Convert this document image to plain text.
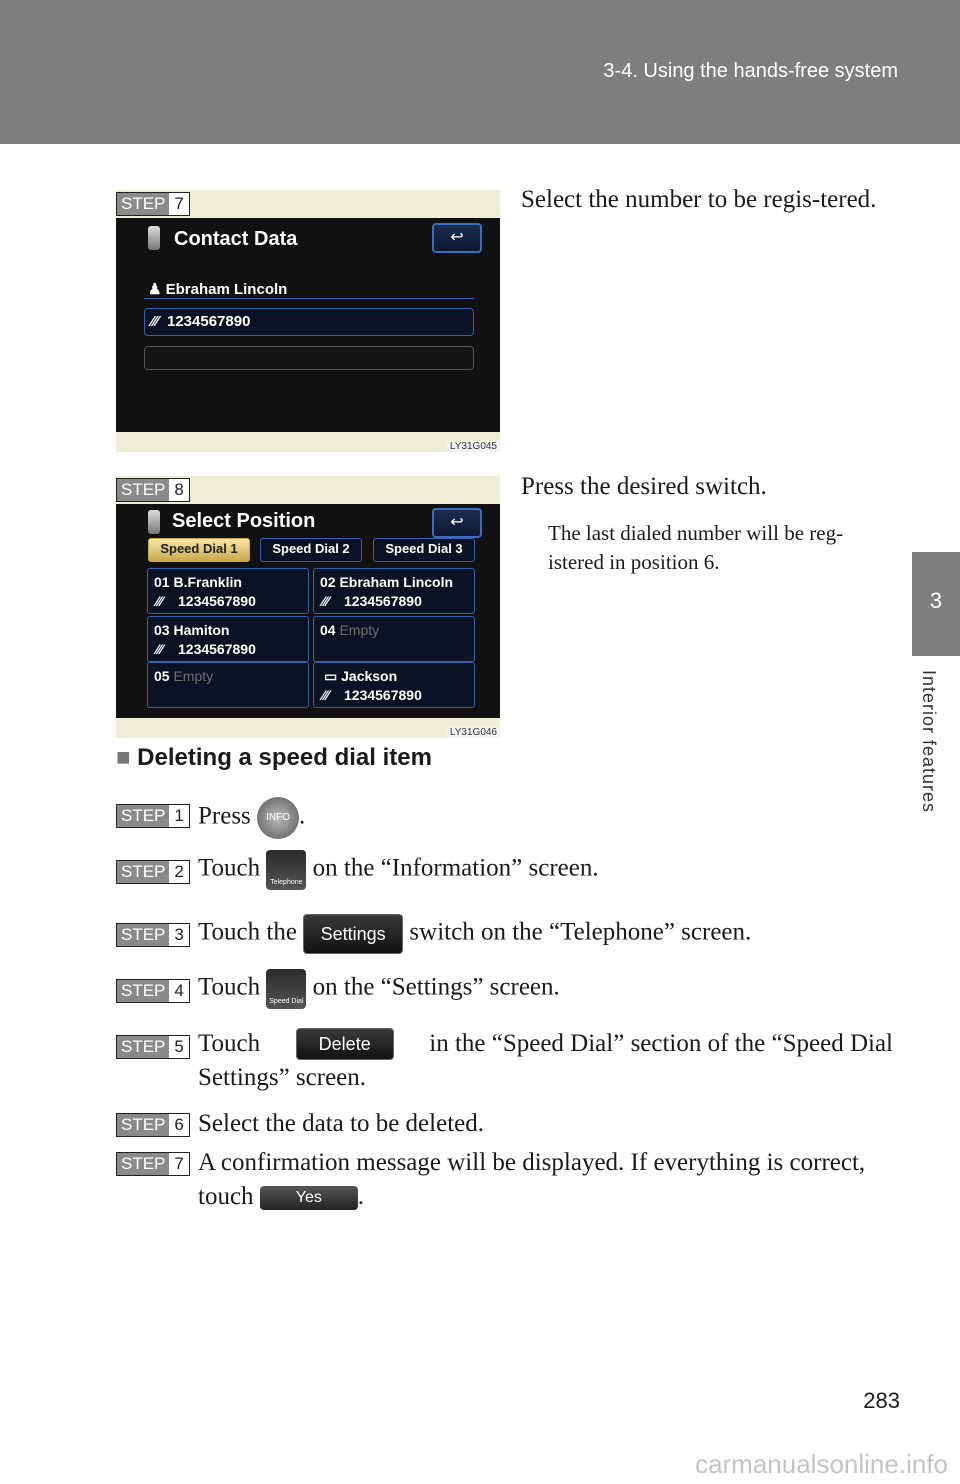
3-4. Using the hands-free system
3
Interior features
LY31G045
STEP 7
Contact Data	↩
♟ Ebraham Lincoln
⁄⁄⁄ 1234567890
Select the number to be regis-tered.
LY31G046
STEP 8
Select Position	↩
Speed Dial 1	Speed Dial 2	Speed Dial 3
01 B.Franklin
⁄⁄⁄ 1234567890
02 Ebraham Lincoln
⁄⁄⁄ 1234567890
03 Hamiton
⁄⁄⁄ 1234567890
04 Empty
05 Empty	▭ Jackson
⁄⁄⁄ 1234567890
Press the desired switch.
The last dialed number will be reg-istered in position 6.
■ Deleting a speed dial item
STEP 1 Press INFO .
STEP 2 Touch Telephone on the “Information” screen.
STEP 3 Touch the Settings switch on the “Telephone” screen.
STEP 4 Touch Speed Dial on the “Settings” screen.
STEP 5 Touch	Delete	in the “Speed Dial” section of the “Speed Dial
Settings” screen.
STEP 6 Select the data to be deleted.
STEP 7 A confirmation message will be displayed. If everything is correct,
touch	Yes .
283
carmanualsonline.info
